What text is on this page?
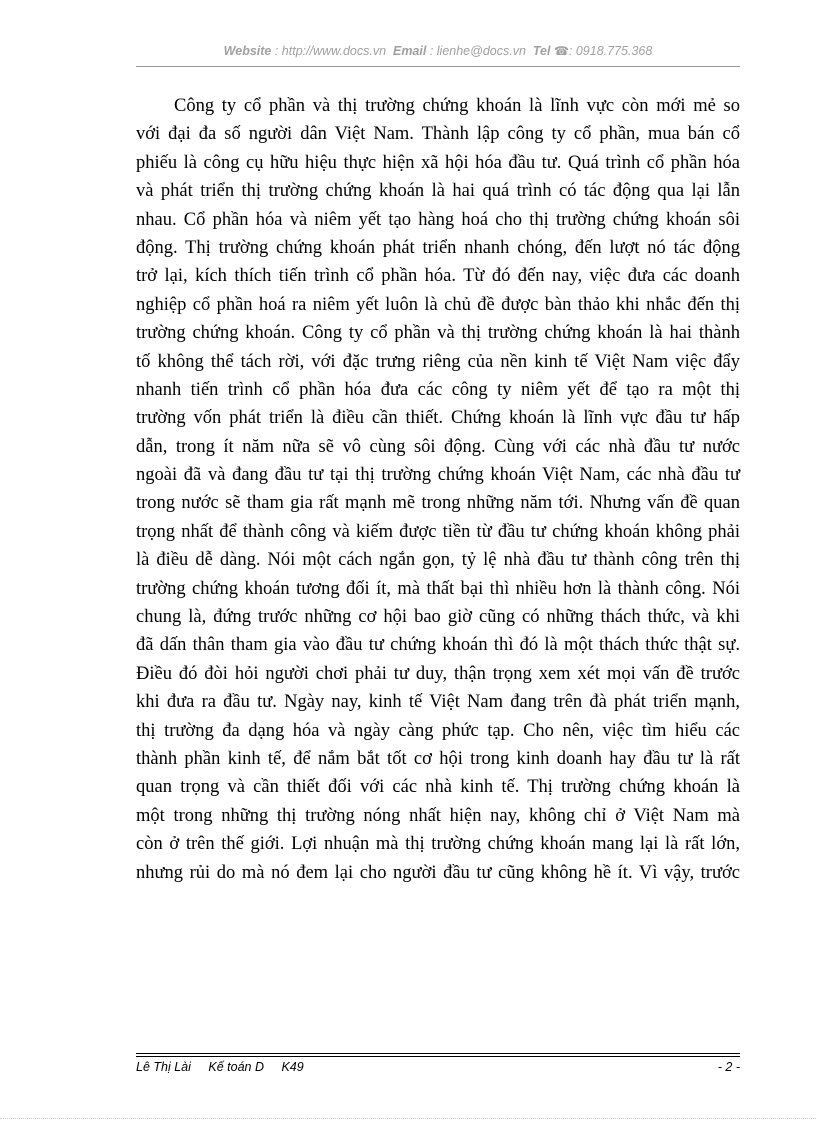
Website : http://www.docs.vn Email : lienhe@docs.vn Tel ☎: 0918.775.368
Công ty cổ phần và thị trường chứng khoán là lĩnh vực còn mới mẻ so
với đại đa số người dân Việt Nam. Thành lập công ty cổ phần, mua bán cổ
phiếu là công cụ hữu hiệu thực hiện xã hội hóa đầu tư. Quá trình cổ phần hóa
và phát triển thị trường chứng khoán là hai quá trình có tác động qua lại lẫn
nhau. Cổ phần hóa và niêm yết tạo hàng hoá cho thị trường chứng khoán sôi
động. Thị trường chứng khoán phát triển nhanh chóng, đến lượt nó tác động
trở lại, kích thích tiến trình cổ phần hóa. Từ đó đến nay, việc đưa các doanh
nghiệp cổ phần hoá ra niêm yết luôn là chủ đề được bàn thảo khi nhắc đến thị
trường chứng khoán. Công ty cổ phần và thị trường chứng khoán là hai thành
tố không thể tách rời, với đặc trưng riêng của nền kinh tế Việt Nam việc đẩy
nhanh tiến trình cổ phần hóa đưa các công ty niêm yết để tạo ra một thị
trường vốn phát triển là điều cần thiết. Chứng khoán là lĩnh vực đầu tư hấp
dẫn, trong ít năm nữa sẽ vô cùng sôi động. Cùng với các nhà đầu tư nước
ngoài đã và đang đầu tư tại thị trường chứng khoán Việt Nam, các nhà đầu tư
trong nước sẽ tham gia rất mạnh mẽ trong những năm tới. Nhưng vấn đề quan
trọng nhất để thành công và kiếm được tiền từ đầu tư chứng khoán không phải
là điều dễ dàng. Nói một cách ngắn gọn, tỷ lệ nhà đầu tư thành công trên thị
trường chứng khoán tương đối ít, mà thất bại thì nhiều hơn là thành công. Nói
chung là, đứng trước những cơ hội bao giờ cũng có những thách thức, và khi
đã dấn thân tham gia vào đầu tư chứng khoán thì đó là một thách thức thật sự.
Điều đó đòi hỏi người chơi phải tư duy, thận trọng xem xét mọi vấn đề trước
khi đưa ra đầu tư. Ngày nay, kinh tế Việt Nam đang trên đà phát triển mạnh,
thị trường đa dạng hóa và ngày càng phức tạp. Cho nên, việc tìm hiểu các
thành phần kinh tế, để nắm bắt tốt cơ hội trong kinh doanh hay đầu tư là rất
quan trọng và cần thiết đối với các nhà kinh tế. Thị trường chứng khoán là
một trong những thị trường nóng nhất hiện nay, không chỉ ở Việt Nam mà
còn ở trên thế giới. Lợi nhuận mà thị trường chứng khoán mang lại là rất lớn,
nhưng rủi do mà nó đem lại cho người đầu tư cũng không hề ít. Vì vậy, trước
Lê Thị Lài Kế toán D K49	- 2 -
